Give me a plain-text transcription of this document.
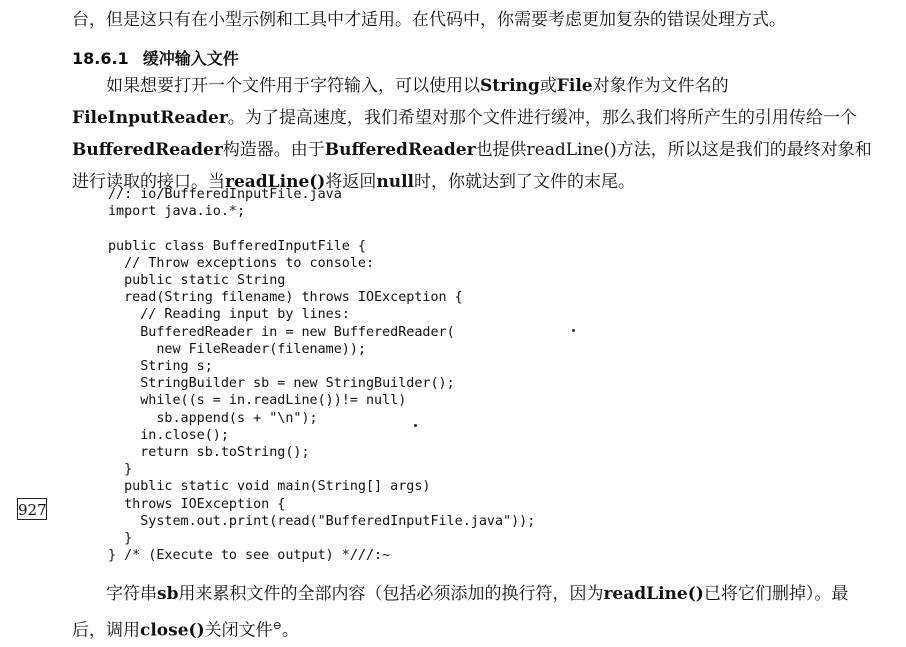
台，但是这只有在小型示例和工具中才适用。在代码中，你需要考虑更加复杂的错误处理方式。

18.6.1 缓冲输入文件

如果想要打开一个文件用于字符输入，可以使用以String或File对象作为文件名的FileInputReader。为了提高速度，我们希望对那个文件进行缓冲，那么我们将所产生的引用传给一个BufferedReader构造器。由于BufferedReader也提供readLine()方法，所以这是我们的最终对象和进行读取的接口。当readLine()将返回null时，你就达到了文件的末尾。

//: io/BufferedInputFile.java
import java.io.*;

public class BufferedInputFile {
// Throw exceptions to console:
public static String
read(String filename) throws IOException {
// Reading input by lines:
BufferedReader in = new BufferedReader(
new FileReader(filename));
String s;
StringBuilder sb = new StringBuilder();
while((s = in.readLine())!= null)
sb.append(s + "\n");
in.close();
return sb.toString();
}
public static void main(String[] args)
throws IOException {
System.out.print(read("BufferedInputFile.java"));
}
} /* (Execute to see output) *///:~
927

字符串sb用来累积文件的全部内容（包括必须添加的换行符，因为readLine()已将它们删掉）。最后，调用close()关闭文件⊖。
